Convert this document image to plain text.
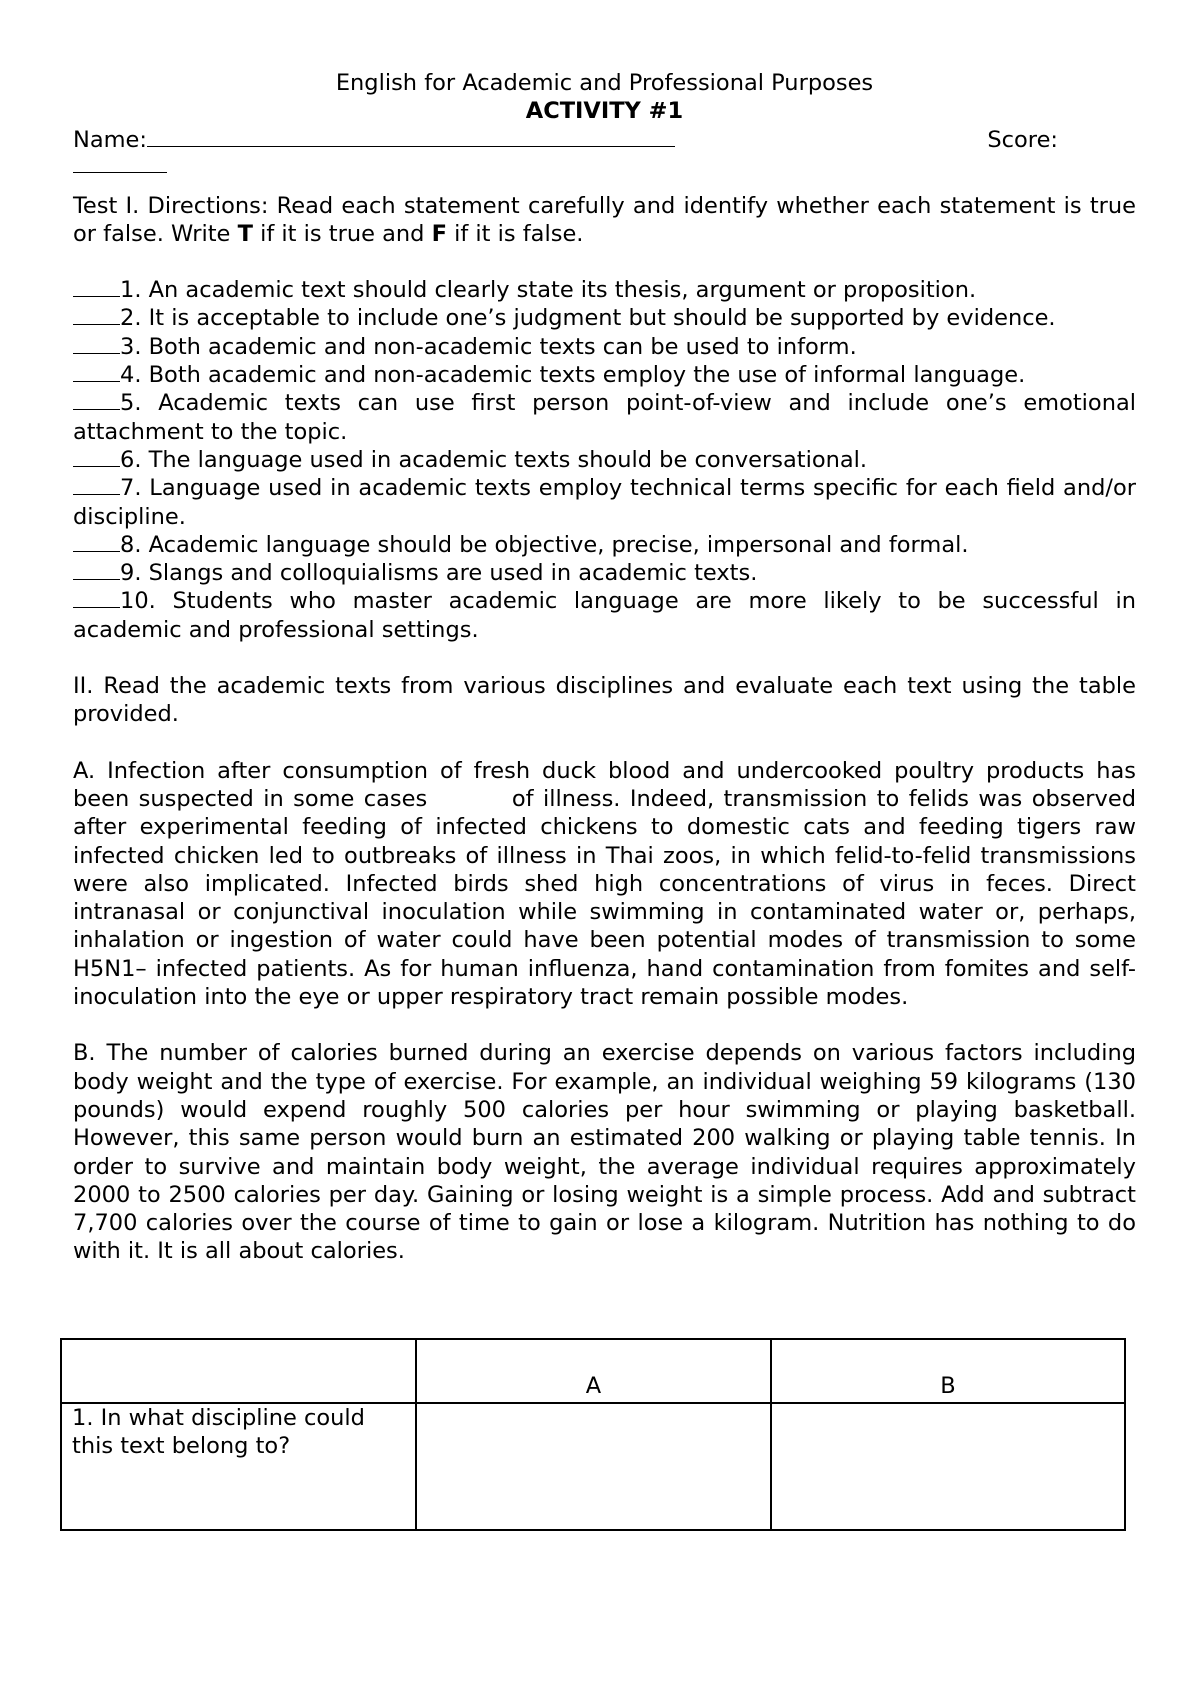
English for Academic and Professional Purposes
ACTIVITY #1
Name:	Score:

Test I. Directions: Read each statement carefully and identify whether each statement is true or false. Write T if it is true and F if it is false.

1. An academic text should clearly state its thesis, argument or proposition.

2. It is acceptable to include one’s judgment but should be supported by evidence.

3. Both academic and non-academic texts can be used to inform.

4. Both academic and non-academic texts employ the use of informal language.

5. Academic texts can use first person point-of-view and include one’s emotional attachment to the topic.

6. The language used in academic texts should be conversational.

7. Language used in academic texts employ technical terms specific for each field and/or discipline.

8. Academic language should be objective, precise, impersonal and formal.

9. Slangs and colloquialisms are used in academic texts.

10. Students who master academic language are more likely to be successful in academic and professional settings.

II. Read the academic texts from various disciplines and evaluate each text using the table provided.

A. Infection after consumption of fresh duck blood and undercooked poultry products has been suspected in some cases         of illness. Indeed, transmission to felids was observed after experimental feeding of infected chickens to domestic cats and feeding tigers raw infected chicken led to outbreaks of illness in Thai zoos, in which felid-to-felid transmissions were also implicated. Infected birds shed high concentrations of virus in feces. Direct intranasal or conjunctival inoculation while swimming in contaminated water or, perhaps, inhalation or ingestion of water could have been potential modes of transmission to some H5N1– infected patients. As for human influenza, hand contamination from fomites and self-inoculation into the eye or upper respiratory tract remain possible modes.

B. The number of calories burned during an exercise depends on various factors including body weight and the type of exercise. For example, an individual weighing 59 kilograms (130 pounds) would expend roughly 500 calories per hour swimming or playing basketball. However, this same person would burn an estimated 200 walking or playing table tennis. In order to survive and maintain body weight, the average individual requires approximately 2000 to 2500 calories per day. Gaining or losing weight is a simple process. Add and subtract 7,700 calories over the course of time to gain or lose a kilogram. Nutrition has nothing to do with it. It is all about calories.

	A	B
1. In what discipline could this text belong to?		
